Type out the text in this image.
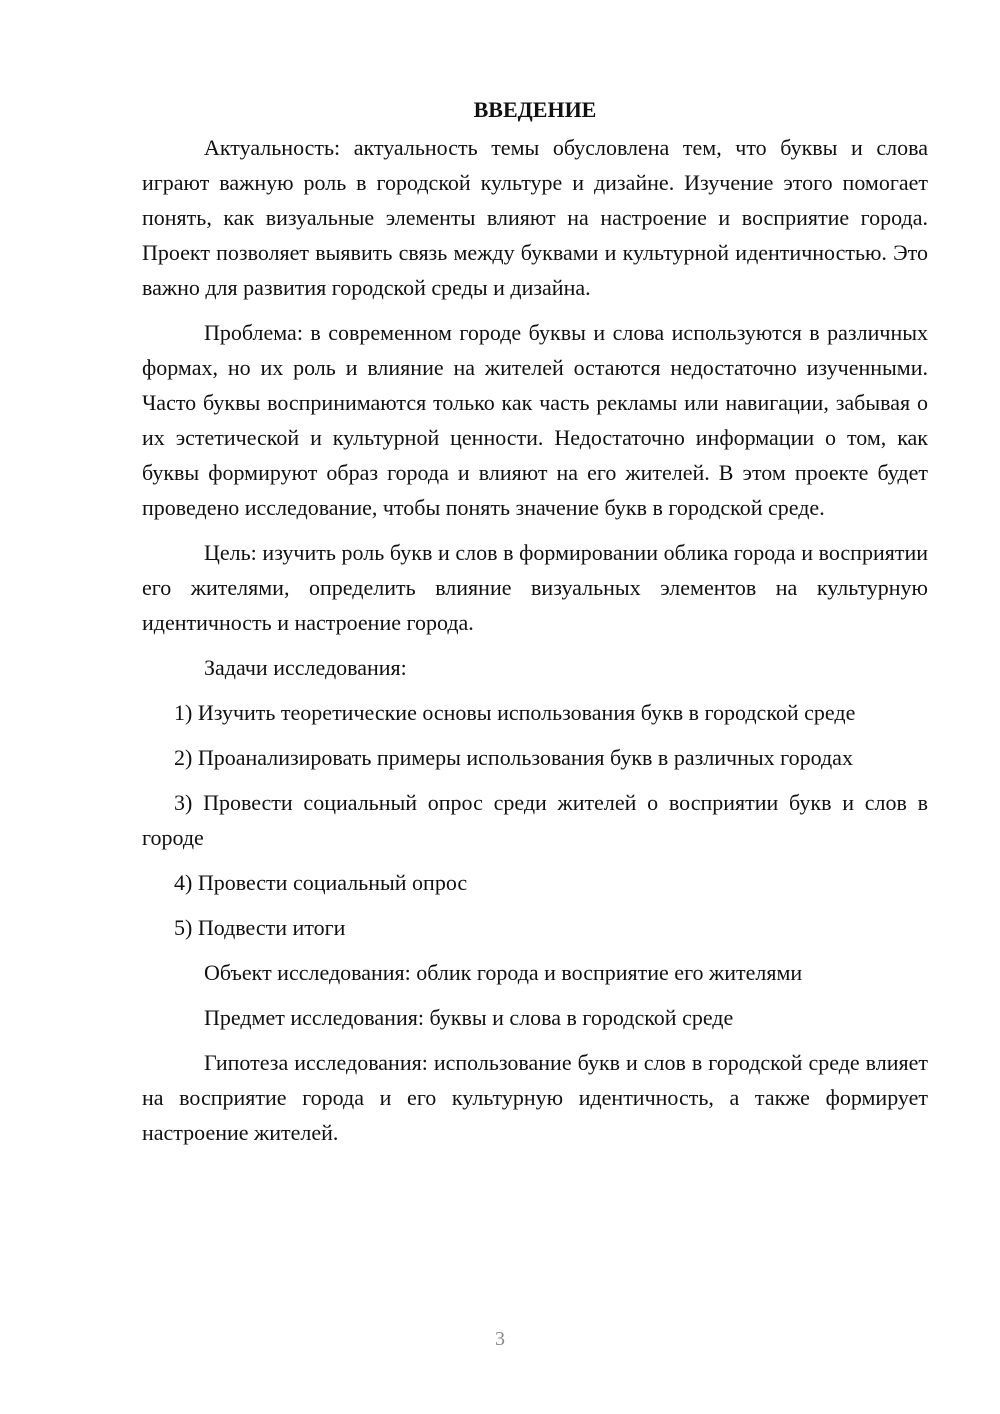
ВВЕДЕНИЕ

Актуальность: актуальность темы обусловлена тем, что буквы и слова играют важную роль в городской культуре и дизайне. Изучение этого помогает понять, как визуальные элементы влияют на настроение и восприятие города. Проект позволяет выявить связь между буквами и культурной идентичностью. Это важно для развития городской среды и дизайна.

Проблема: в современном городе буквы и слова используются в различных формах, но их роль и влияние на жителей остаются недостаточно изученными. Часто буквы воспринимаются только как часть рекламы или навигации, забывая о их эстетической и культурной ценности. Недостаточно информации о том, как буквы формируют образ города и влияют на его жителей. В этом проекте будет проведено исследование, чтобы понять значение букв в городской среде.

Цель: изучить роль букв и слов в формировании облика города и восприятии его жителями, определить влияние визуальных элементов на культурную идентичность и настроение города.

Задачи исследования:

1) Изучить теоретические основы использования букв в городской среде

2) Проанализировать примеры использования букв в различных городах

3) Провести социальный опрос среди жителей о восприятии букв и слов в городе

4) Провести социальный опрос

5) Подвести итоги

Объект исследования: облик города и восприятие его жителями

Предмет исследования: буквы и слова в городской среде

Гипотеза исследования: использование букв и слов в городской среде влияет на восприятие города и его культурную идентичность, а также формирует настроение жителей.

3
